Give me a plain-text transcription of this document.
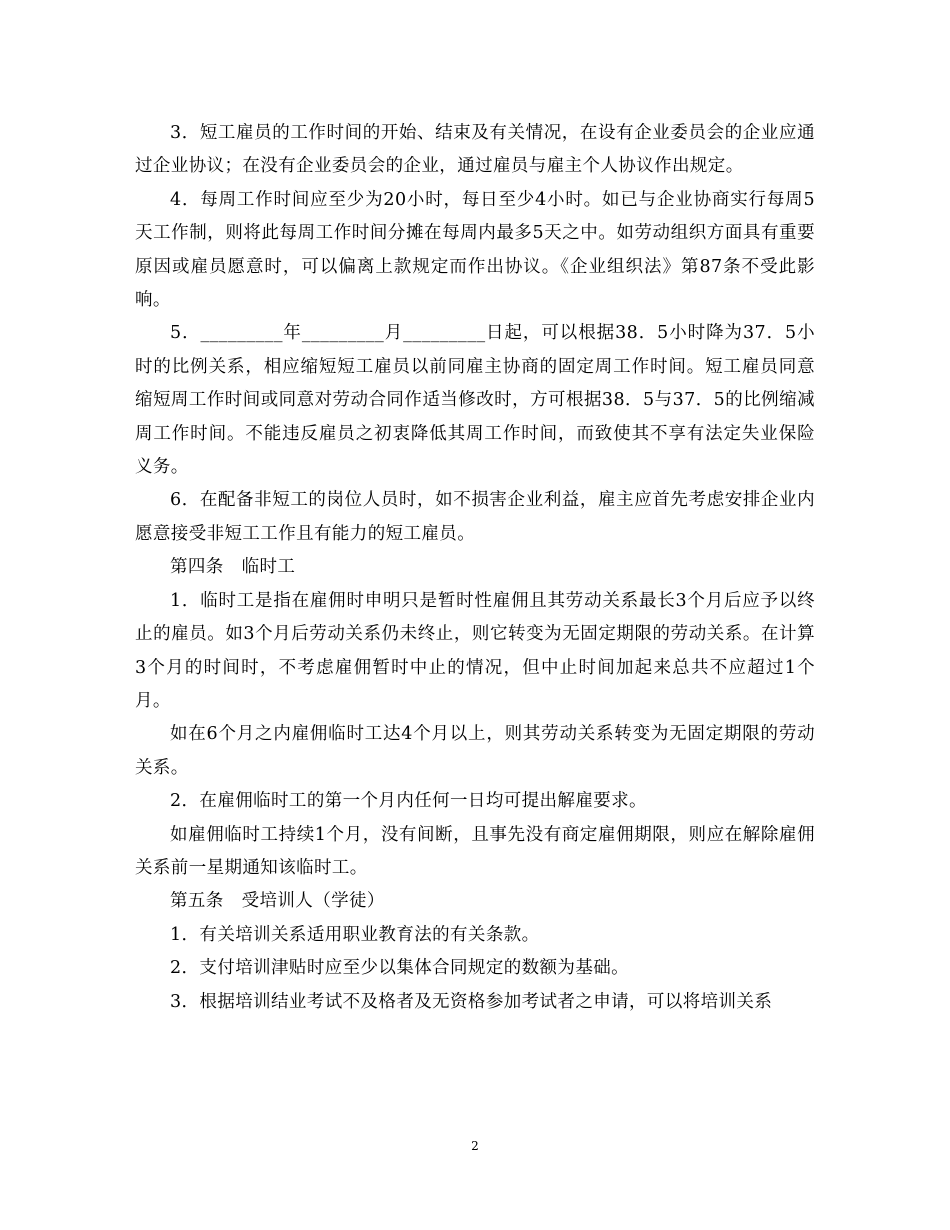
3．短工雇员的工作时间的开始、结束及有关情况，在设有企业委员会的企业应通过企业协议；在没有企业委员会的企业，通过雇员与雇主个人协议作出规定。

4．每周工作时间应至少为20小时，每日至少4小时。如已与企业协商实行每周5天工作制，则将此每周工作时间分摊在每周内最多5天之中。如劳动组织方面具有重要原因或雇员愿意时，可以偏离上款规定而作出协议。《企业组织法》第87条不受此影响。

5．_________年_________月_________日起，可以根据38．5小时降为37．5小时的比例关系，相应缩短短工雇员以前同雇主协商的固定周工作时间。短工雇员同意缩短周工作时间或同意对劳动合同作适当修改时，方可根据38．5与37．5的比例缩减周工作时间。不能违反雇员之初衷降低其周工作时间，而致使其不享有法定失业保险义务。

6．在配备非短工的岗位人员时，如不损害企业利益，雇主应首先考虑安排企业内愿意接受非短工工作且有能力的短工雇员。

第四条　临时工

1．临时工是指在雇佣时申明只是暂时性雇佣且其劳动关系最长3个月后应予以终止的雇员。如3个月后劳动关系仍未终止，则它转变为无固定期限的劳动关系。在计算3个月的时间时，不考虑雇佣暂时中止的情况，但中止时间加起来总共不应超过1个月。

如在6个月之内雇佣临时工达4个月以上，则其劳动关系转变为无固定期限的劳动关系。

2．在雇佣临时工的第一个月内任何一日均可提出解雇要求。

如雇佣临时工持续1个月，没有间断，且事先没有商定雇佣期限，则应在解除雇佣关系前一星期通知该临时工。

第五条　受培训人（学徒）

1．有关培训关系适用职业教育法的有关条款。

2．支付培训津贴时应至少以集体合同规定的数额为基础。

3．根据培训结业考试不及格者及无资格参加考试者之申请，可以将培训关系

2
